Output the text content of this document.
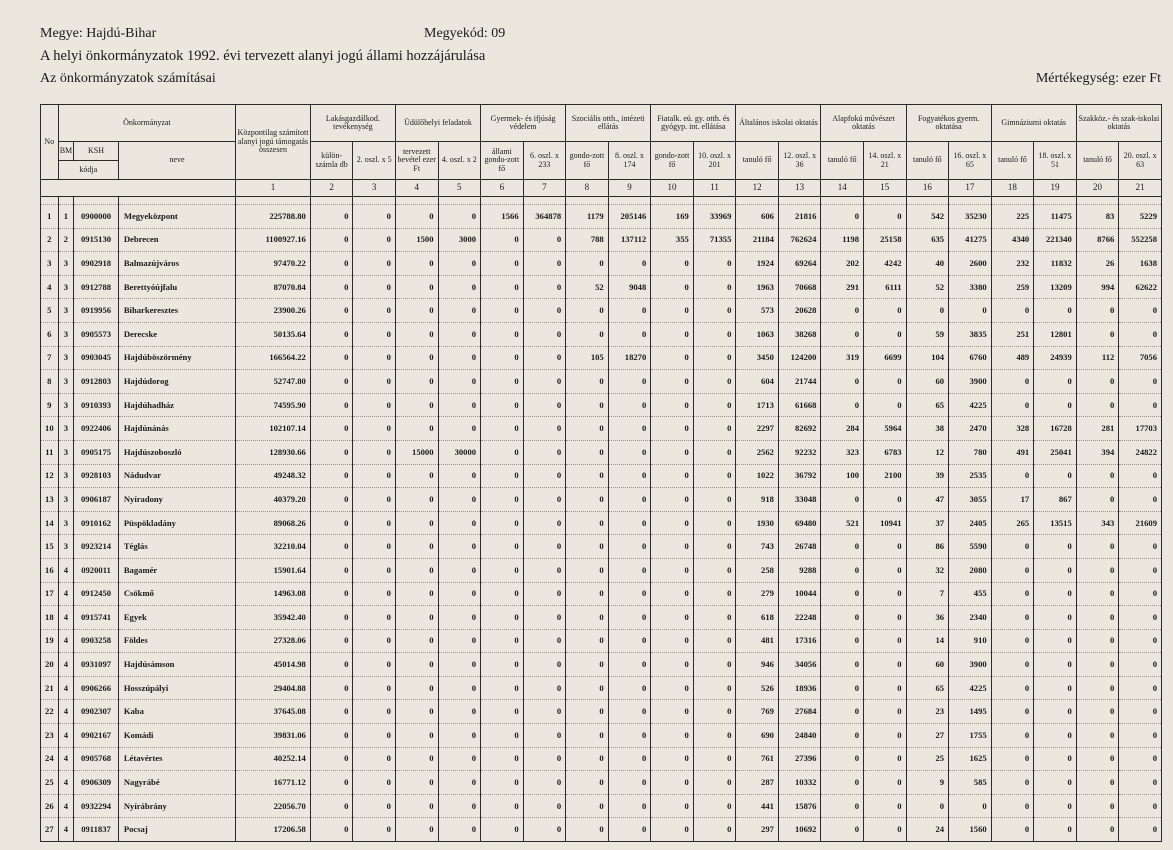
Megye: Hajdú-Bihar	Megyekód: 09
A helyi önkormányzatok 1992. évi tervezett alanyi jogú állami hozzájárulása
Az önkormányzatok számításai	Mértékegység: ezer Ft
No	Önkormányzat			Központilag számított alanyi jogú támogatás összesen	Lakásgazdálkod. tevékenység		Üdülőhelyi feladatok		Gyermek- és ifjúság védelem		Szociális otth., intézeti ellátás		Fiatalk. eü. gy. otth. és gyógyp. int. ellátása		Általános iskolai oktatás		Alapfokú művészet oktatás		Fogyatékos gyerm. oktatása		Gimnáziumi oktatás		Szakköz.- és szak-iskolai oktatás	
	BM	KSH	neve		külön-számla db	2. oszl. x 5	tervezett bevétel ezer Ft	4. oszl. x 2	állami gondo-zott fő	6. oszl. x 233	gondo-zott fő	8. oszl. x 174	gondo-zott fő	10. oszl. x 201	tanuló fő	12. oszl. x 36	tanuló fő	14. oszl. x 21	tanuló fő	16. oszl. x 65	tanuló fő	18. oszl. x 51	tanuló fő	20. oszl. x 63
	kódja																							
				1	2	3	4	5	6	7	8	9	10	11	12	13	14	15	16	17	18	19	20	21

1	1	0900000	Megyeközpont	225788.80	0	0	0	0	1566	364878	1179	205146	169	33969	606	21816	0	0	542	35230	225	11475	83	5229
2	2	0915130	Debrecen	1100927.16	0	0	1500	3000	0	0	788	137112	355	71355	21184	762624	1198	25158	635	41275	4340	221340	8766	552258
3	3	0902918	Balmazújváros	97470.22	0	0	0	0	0	0	0	0	0	0	1924	69264	202	4242	40	2600	232	11832	26	1638
4	3	0912788	Berettyóújfalu	87070.84	0	0	0	0	0	0	52	9048	0	0	1963	70668	291	6111	52	3380	259	13209	994	62622
5	3	0919956	Biharkeresztes	23900.26	0	0	0	0	0	0	0	0	0	0	573	20628	0	0	0	0	0	0	0	0
6	3	0905573	Derecske	50135.64	0	0	0	0	0	0	0	0	0	0	1063	38268	0	0	59	3835	251	12801	0	0
7	3	0903045	Hajdúböszörmény	166564.22	0	0	0	0	0	0	105	18270	0	0	3450	124200	319	6699	104	6760	489	24939	112	7056
8	3	0912803	Hajdúdorog	52747.80	0	0	0	0	0	0	0	0	0	0	604	21744	0	0	60	3900	0	0	0	0
9	3	0910393	Hajdúhadház	74595.90	0	0	0	0	0	0	0	0	0	0	1713	61668	0	0	65	4225	0	0	0	0
10	3	0922406	Hajdúnánás	102107.14	0	0	0	0	0	0	0	0	0	0	2297	82692	284	5964	38	2470	328	16728	281	17703
11	3	0905175	Hajdúszoboszló	128930.66	0	0	15000	30000	0	0	0	0	0	0	2562	92232	323	6783	12	780	491	25041	394	24822
12	3	0928103	Nádudvar	49248.32	0	0	0	0	0	0	0	0	0	0	1022	36792	100	2100	39	2535	0	0	0	0
13	3	0906187	Nyíradony	40379.20	0	0	0	0	0	0	0	0	0	0	918	33048	0	0	47	3055	17	867	0	0
14	3	0910162	Püspökladány	89068.26	0	0	0	0	0	0	0	0	0	0	1930	69480	521	10941	37	2405	265	13515	343	21609
15	3	0923214	Téglás	32210.04	0	0	0	0	0	0	0	0	0	0	743	26748	0	0	86	5590	0	0	0	0
16	4	0920011	Bagamér	15901.64	0	0	0	0	0	0	0	0	0	0	258	9288	0	0	32	2080	0	0	0	0
17	4	0912450	Csökmő	14963.08	0	0	0	0	0	0	0	0	0	0	279	10044	0	0	7	455	0	0	0	0
18	4	0915741	Egyek	35942.40	0	0	0	0	0	0	0	0	0	0	618	22248	0	0	36	2340	0	0	0	0
19	4	0903258	Földes	27328.06	0	0	0	0	0	0	0	0	0	0	481	17316	0	0	14	910	0	0	0	0
20	4	0931097	Hajdúsámson	45014.98	0	0	0	0	0	0	0	0	0	0	946	34056	0	0	60	3900	0	0	0	0
21	4	0906266	Hosszúpályi	29404.88	0	0	0	0	0	0	0	0	0	0	526	18936	0	0	65	4225	0	0	0	0
22	4	0902307	Kaba	37645.08	0	0	0	0	0	0	0	0	0	0	769	27684	0	0	23	1495	0	0	0	0
23	4	0902167	Komádi	39831.06	0	0	0	0	0	0	0	0	0	0	690	24840	0	0	27	1755	0	0	0	0
24	4	0905768	Létavértes	40252.14	0	0	0	0	0	0	0	0	0	0	761	27396	0	0	25	1625	0	0	0	0
25	4	0906309	Nagyrábé	16771.12	0	0	0	0	0	0	0	0	0	0	287	10332	0	0	9	585	0	0	0	0
26	4	0932294	Nyírábrány	22056.70	0	0	0	0	0	0	0	0	0	0	441	15876	0	0	0	0	0	0	0	0
27	4	0911837	Pocsaj	17206.58	0	0	0	0	0	0	0	0	0	0	297	10692	0	0	24	1560	0	0	0	0
